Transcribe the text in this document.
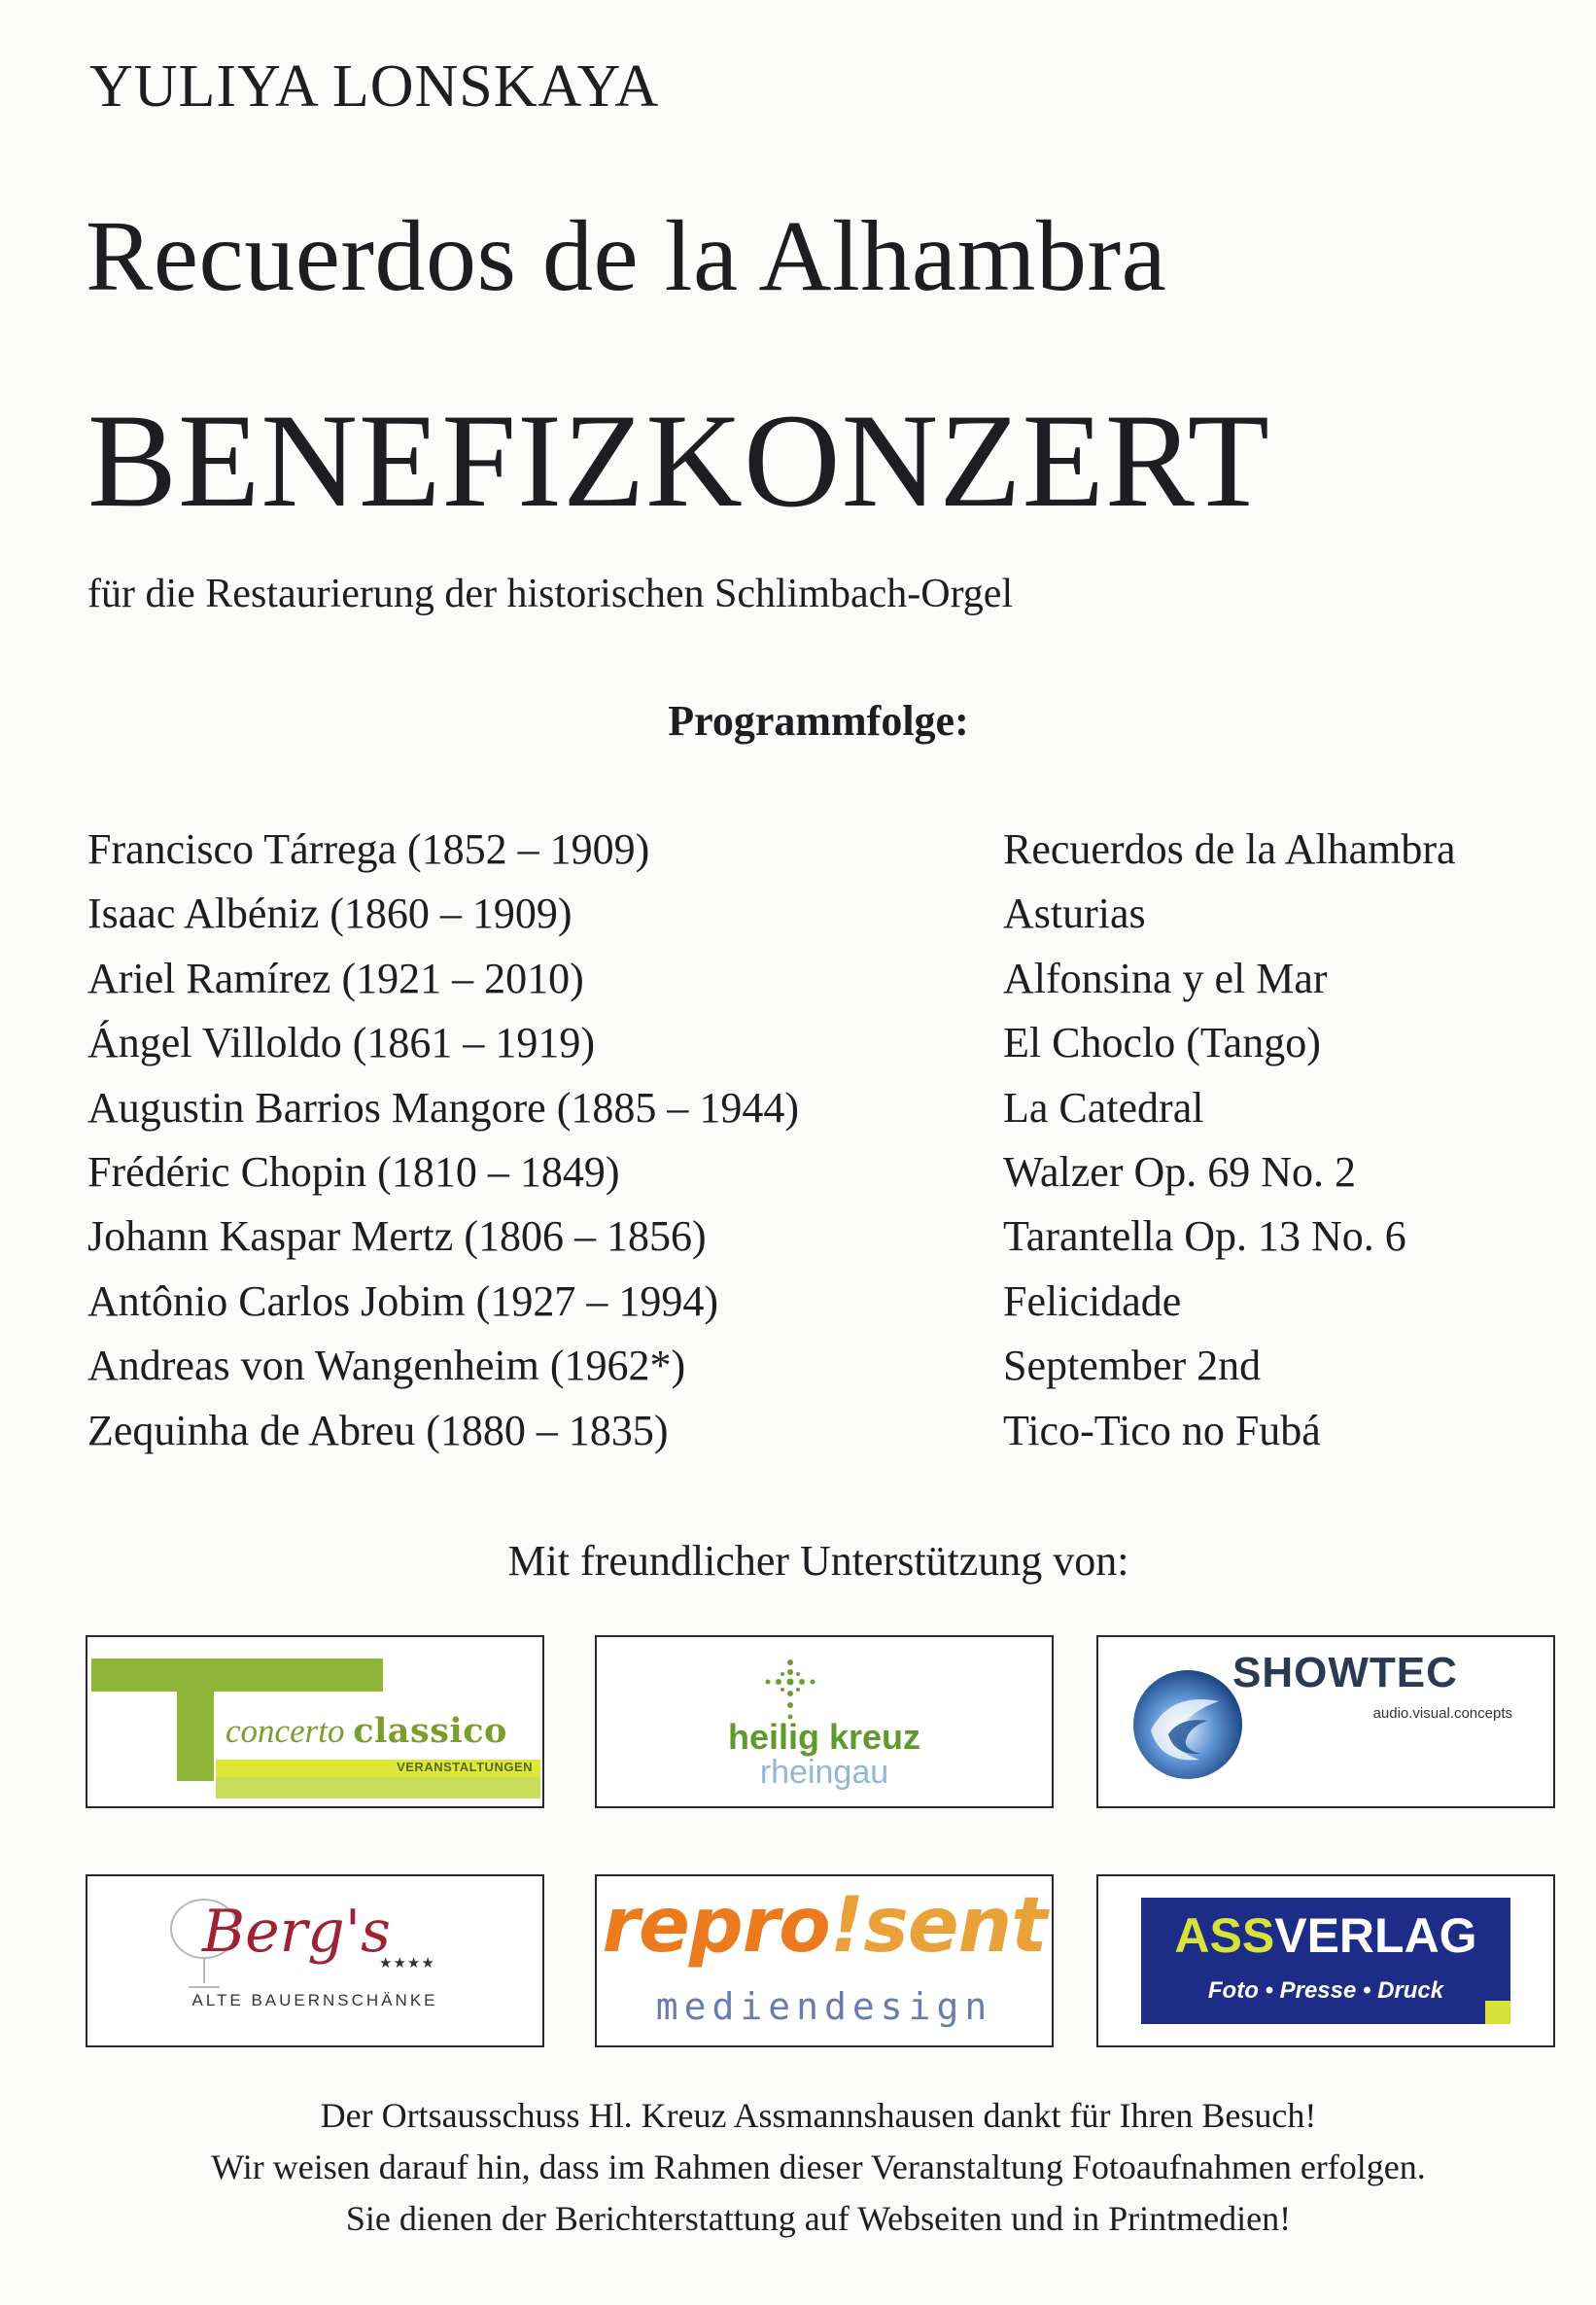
YULIYA LONSKAYA
Recuerdos de la Alhambra
BENEFIZKONZERT
für die Restaurierung der historischen Schlimbach-Orgel
Programmfolge:
Francisco Tárrega (1852 – 1909)	Recuerdos de la Alhambra
Isaac Albéniz (1860 – 1909)	Asturias
Ariel Ramírez (1921 – 2010)	Alfonsina y el Mar
Ángel Villoldo (1861 – 1919)	El Choclo (Tango)
Augustin Barrios Mangore (1885 – 1944)	La Catedral
Frédéric Chopin (1810 – 1849)	Walzer Op. 69 No. 2
Johann Kaspar Mertz (1806 – 1856)	Tarantella Op. 13 No. 6
Antônio Carlos Jobim (1927 – 1994)	Felicidade
Andreas von Wangenheim (1962*)	September 2nd
Zequinha de Abreu (1880 – 1835)	Tico-Tico no Fubá
Mit freundlicher Unterstützung von:
concerto classico
VERANSTALTUNGEN
heilig kreuz
rheingau
SHOWTEC
audio.visual.concepts
Berg's
★★★★
ALTE BAUERNSCHÄNKE
repro!sent
mediendesign
ASSVERLAG
Foto • Presse • Druck
Der Ortsausschuss Hl. Kreuz Assmannshausen dankt für Ihren Besuch!
Wir weisen darauf hin, dass im Rahmen dieser Veranstaltung Fotoaufnahmen erfolgen.
Sie dienen der Berichterstattung auf Webseiten und in Printmedien!
